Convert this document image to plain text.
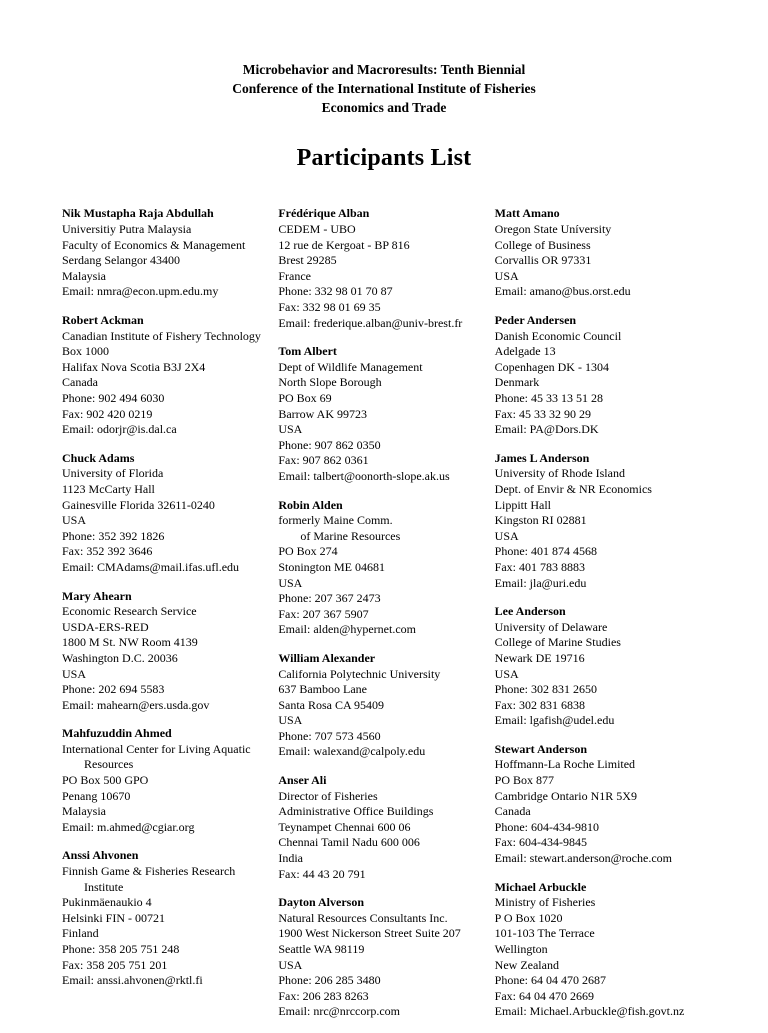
Microbehavior and Macroresults: Tenth Biennial
Conference of the International Institute of Fisheries
Economics and Trade
Participants List
Nik Mustapha Raja Abdullah
Universitiy Putra Malaysia
Faculty of Economics & Management
Serdang Selangor 43400
Malaysia
Email: nmra@econ.upm.edu.my
Robert Ackman
Canadian Institute of Fishery Technology
Box 1000
Halifax Nova Scotia B3J 2X4
Canada
Phone: 902 494 6030
Fax: 902 420 0219
Email: odorjr@is.dal.ca
Chuck Adams
University of Florida
1123 McCarty Hall
Gainesville Florida 32611-0240
USA
Phone: 352 392 1826
Fax: 352 392 3646
Email: CMAdams@mail.ifas.ufl.edu
Mary Ahearn
Economic Research Service
USDA-ERS-RED
1800 M St. NW Room 4139
Washington D.C. 20036
USA
Phone: 202 694 5583
Email: mahearn@ers.usda.gov
Mahfuzuddin Ahmed
International Center for Living Aquatic
Resources
PO Box 500 GPO
Penang 10670
Malaysia
Email: m.ahmed@cgiar.org
Anssi Ahvonen
Finnish Game & Fisheries Research
Institute
Pukinmäenaukio 4
Helsinki FIN - 00721
Finland
Phone: 358 205 751 248
Fax: 358 205 751 201
Email: anssi.ahvonen@rktl.fi
Frédérique Alban
CEDEM - UBO
12 rue de Kergoat - BP 816
Brest 29285
France
Phone: 332 98 01 70 87
Fax: 332 98 01 69 35
Email: frederique.alban@univ-brest.fr
Tom Albert
Dept of Wildlife Management
North Slope Borough
PO Box 69
Barrow AK 99723
USA
Phone: 907 862 0350
Fax: 907 862 0361
Email: talbert@oonorth-slope.ak.us
Robin Alden
formerly Maine Comm.
of Marine Resources
PO Box 274
Stonington ME 04681
USA
Phone: 207 367 2473
Fax: 207 367 5907
Email: alden@hypernet.com
William Alexander
California Polytechnic University
637 Bamboo Lane
Santa Rosa CA 95409
USA
Phone: 707 573 4560
Email: walexand@calpoly.edu
Anser Ali
Director of Fisheries
Administrative Office Buildings
Teynampet Chennai 600 06
Chennai Tamil Nadu 600 006
India
Fax: 44 43 20 791
Dayton Alverson
Natural Resources Consultants Inc.
1900 West Nickerson Street Suite 207
Seattle WA 98119
USA
Phone: 206 285 3480
Fax: 206 283 8263
Email: nrc@nrccorp.com
Matt Amano
Oregon State Uníversity
College of Business
Corvallis OR 97331
USA
Email: amano@bus.orst.edu
Peder Andersen
Danish Economic Council
Adelgade 13
Copenhagen DK - 1304
Denmark
Phone: 45 33 13 51 28
Fax: 45 33 32 90 29
Email: PA@Dors.DK
James L Anderson
University of Rhode Island
Dept. of Envir & NR Economics
Lippitt Hall
Kingston RI 02881
USA
Phone: 401 874 4568
Fax: 401 783 8883
Email: jla@uri.edu
Lee Anderson
University of Delaware
College of Marine Studies
Newark DE 19716
USA
Phone: 302 831 2650
Fax: 302 831 6838
Email: lgafish@udel.edu
Stewart Anderson
Hoffmann-La Roche Limited
PO Box 877
Cambridge Ontario N1R 5X9
Canada
Phone: 604-434-9810
Fax: 604-434-9845
Email: stewart.anderson@roche.com
Michael Arbuckle
Ministry of Fisheries
P O Box 1020
101-103 The Terrace
Wellington
New Zealand
Phone: 64 04 470 2687
Fax: 64 04 470 2669
Email: Michael.Arbuckle@fish.govt.nz
